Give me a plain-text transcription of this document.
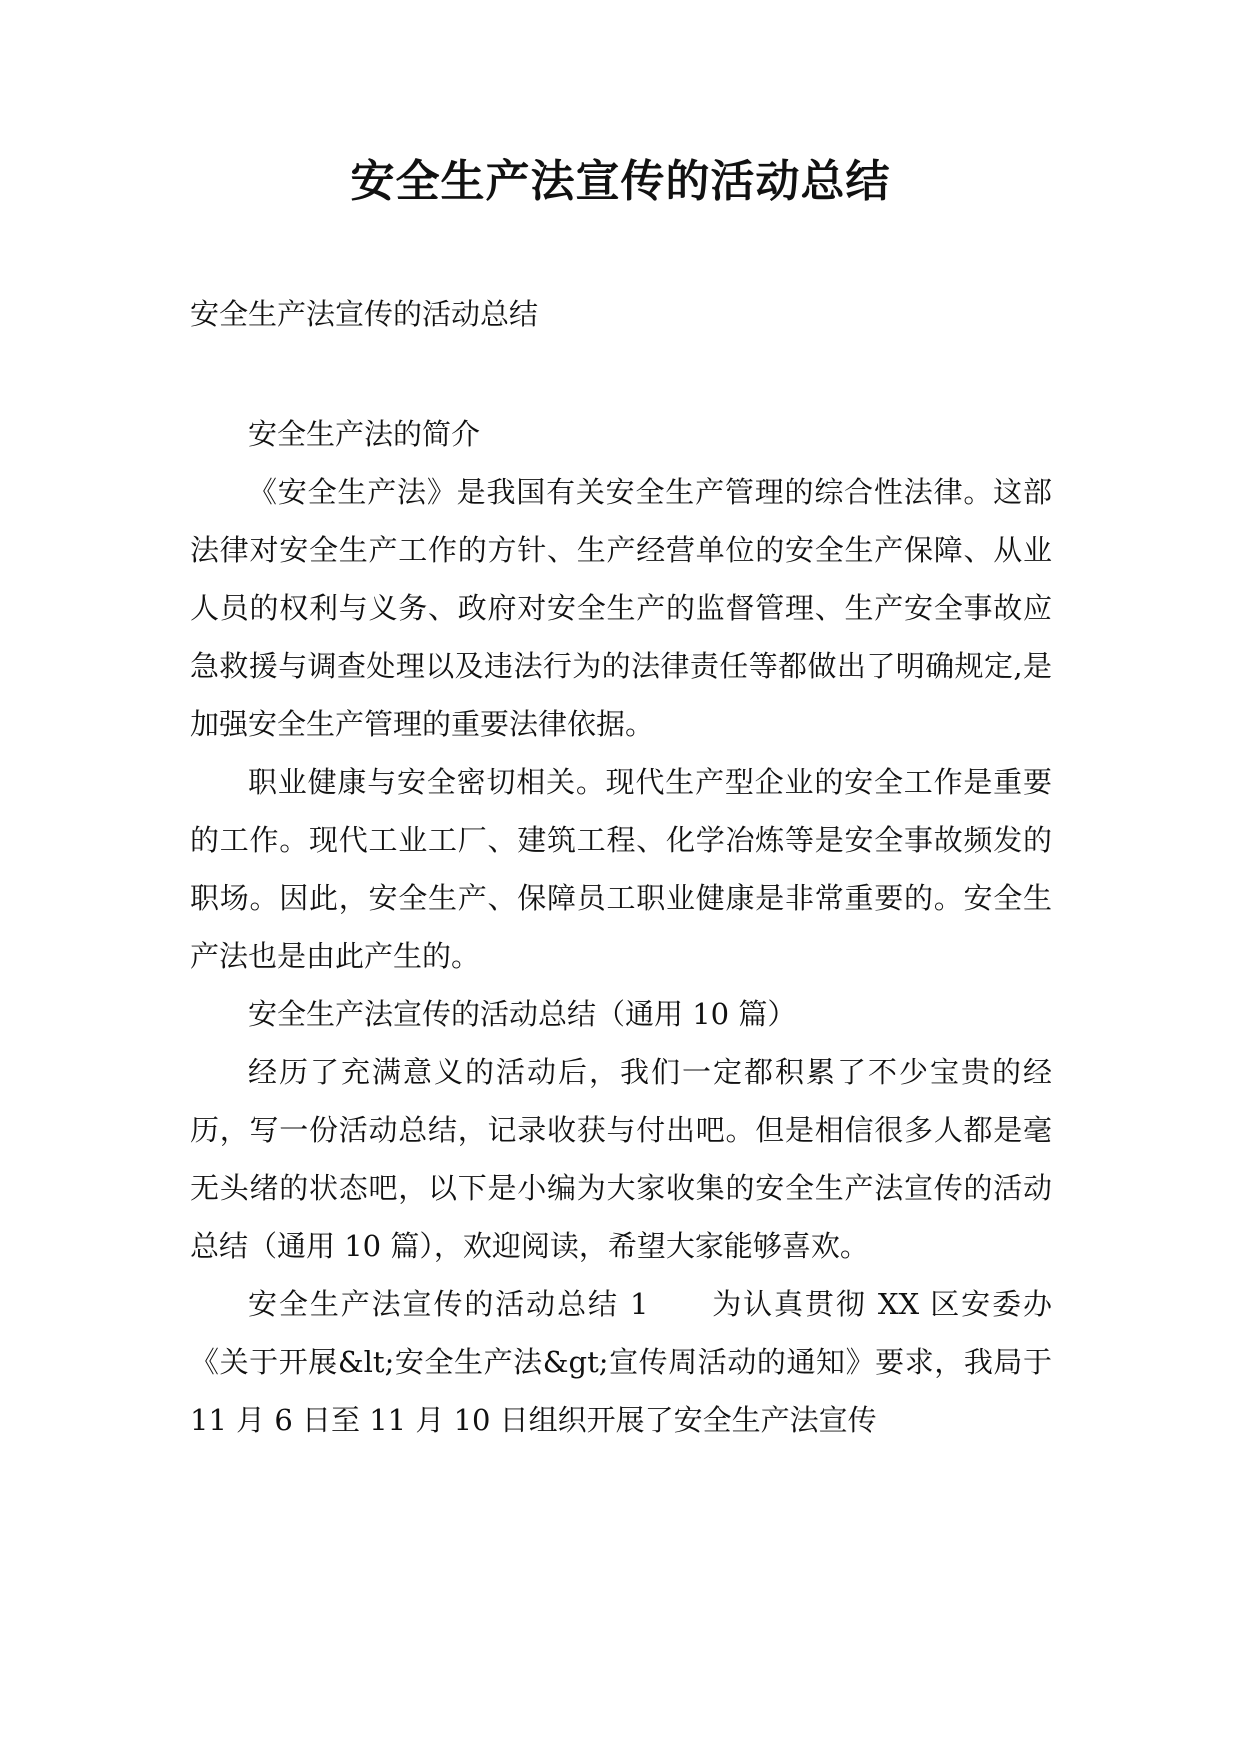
安全生产法宣传的活动总结

安全生产法宣传的活动总结

安全生产法的简介

《安全生产法》是我国有关安全生产管理的综合性法律。这部法律对安全生产工作的方针、生产经营单位的安全生产保障、从业人员的权利与义务、政府对安全生产的监督管理、生产安全事故应急救援与调查处理以及违法行为的法律责任等都做出了明确规定,是加强安全生产管理的重要法律依据。

职业健康与安全密切相关。现代生产型企业的安全工作是重要的工作。现代工业工厂、建筑工程、化学冶炼等是安全事故频发的职场。因此，安全生产、保障员工职业健康是非常重要的。安全生产法也是由此产生的。

安全生产法宣传的活动总结（通用 10 篇）

经历了充满意义的活动后，我们一定都积累了不少宝贵的经历，写一份活动总结，记录收获与付出吧。但是相信很多人都是毫无头绪的状态吧，以下是小编为大家收集的安全生产法宣传的活动总结（通用 10 篇），欢迎阅读，希望大家能够喜欢。

安全生产法宣传的活动总结 1　　为认真贯彻 XX 区安委办《关于开展&lt;安全生产法&gt;宣传周活动的通知》要求，我局于 11 月 6 日至 11 月 10 日组织开展了安全生产法宣传
